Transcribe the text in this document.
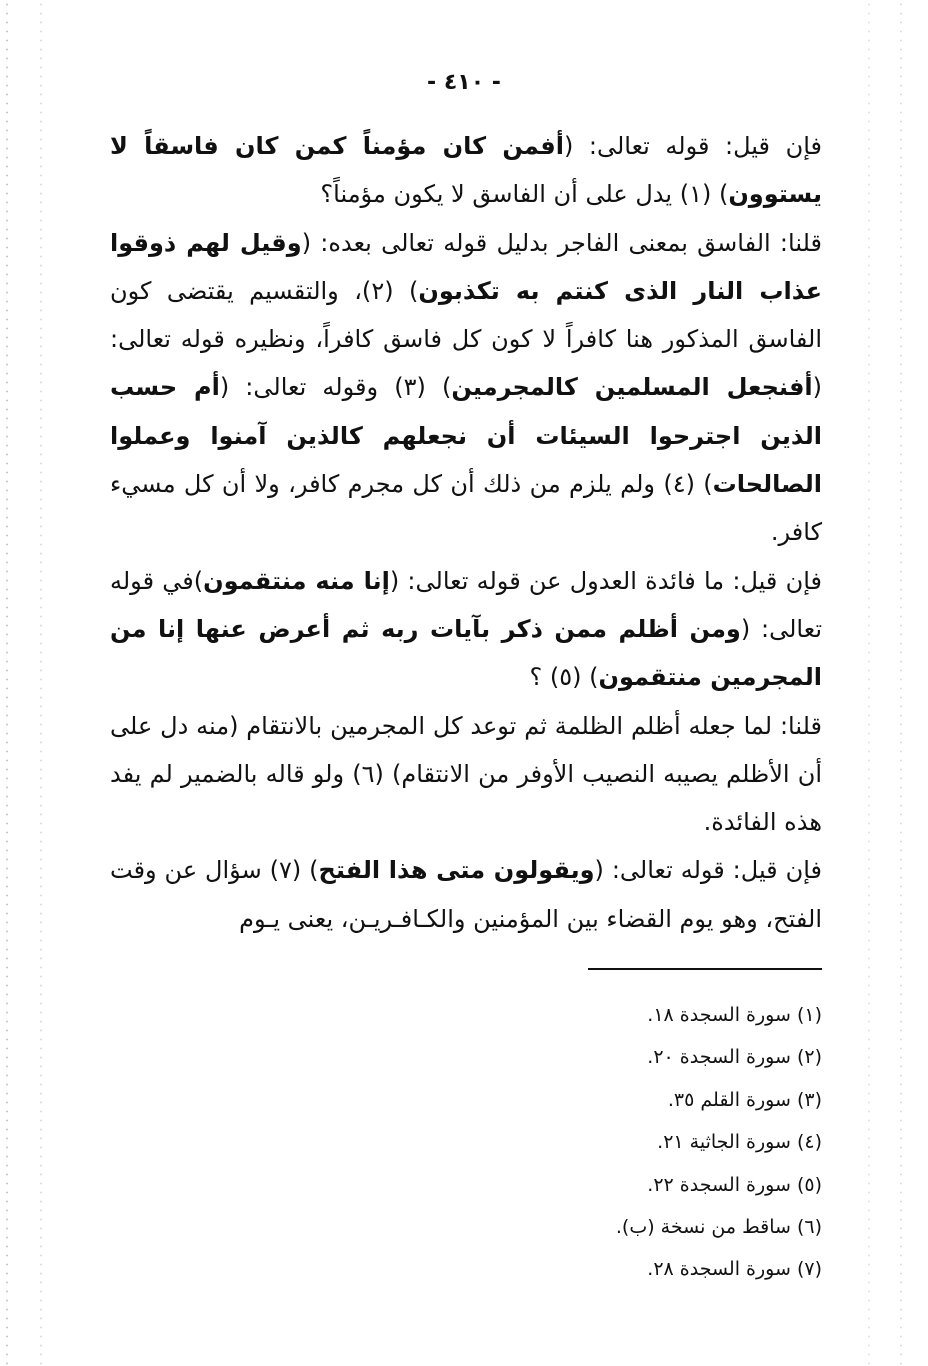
- ٤١٠ -

فإن قيل: قوله تعالى: (أفمن كان مؤمناً كمن كان فاسقاً لا يستوون) (١) يدل على أن الفاسق لا يكون مؤمناً؟

قلنا: الفاسق بمعنى الفاجر بدليل قوله تعالى بعده: (وقيل لهم ذوقوا عذاب النار الذى كنتم به تكذبون) (٢)، والتقسيم يقتضى كون الفاسق المذكور هنا كافراً لا كون كل فاسق كافراً، ونظيره قوله تعالى: (أفنجعل المسلمين كالمجرمين) (٣) وقوله تعالى: (أم حسب الذين اجترحوا السيئات أن نجعلهم كالذين آمنوا وعملوا الصالحات) (٤) ولم يلزم من ذلك أن كل مجرم كافر، ولا أن كل مسيء كافر.

فإن قيل: ما فائدة العدول عن قوله تعالى: (إنا منه منتقمون)في قوله تعالى: (ومن أظلم ممن ذكر بآيات ربه ثم أعرض عنها إنا من المجرمين منتقمون) (٥) ؟

قلنا: لما جعله أظلم الظلمة ثم توعد كل المجرمين بالانتقام (منه دل على أن الأظلم يصيبه النصيب الأوفر من الانتقام) (٦) ولو قاله بالضمير لم يفد هذه الفائدة.

فإن قيل: قوله تعالى: (ويقولون متى هذا الفتح) (٧) سؤال عن وقت الفتح، وهو يوم القضاء بين المؤمنين والكـافـريـن، يعنى يـوم

(١) سورة السجدة ١٨.
(٢) سورة السجدة ٢٠.
(٣) سورة القلم ٣٥.
(٤) سورة الجاثية ٢١.
(٥) سورة السجدة ٢٢.
(٦) ساقط من نسخة (ب).
(٧) سورة السجدة ٢٨.
